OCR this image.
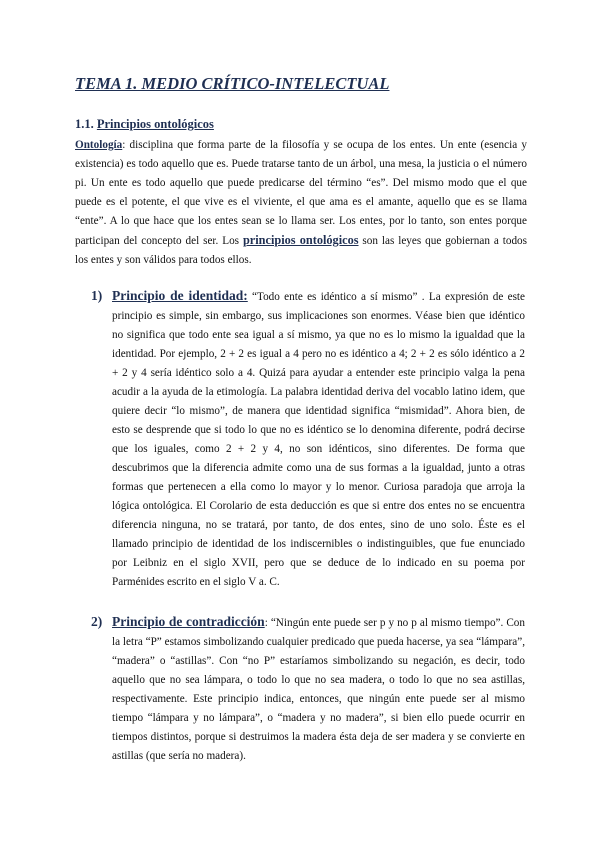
TEMA 1. MEDIO CRÍTICO-INTELECTUAL

1.1. Principios ontológicos

Ontología: disciplina que forma parte de la filosofía y se ocupa de los entes. Un ente (esencia y existencia) es todo aquello que es. Puede tratarse tanto de un árbol, una mesa, la justicia o el número pi. Un ente es todo aquello que puede predicarse del término “es”. Del mismo modo que el que puede es el potente, el que vive es el viviente, el que ama es el amante, aquello que es se llama “ente”. A lo que hace que los entes sean se lo llama ser. Los entes, por lo tanto, son entes porque participan del concepto del ser. Los principios ontológicos son las leyes que gobiernan a todos los entes y son válidos para todos ellos.

1) Principio de identidad: “Todo ente es idéntico a sí mismo” . La expresión de este principio es simple, sin embargo, sus implicaciones son enormes. Véase bien que idéntico no significa que todo ente sea igual a sí mismo, ya que no es lo mismo la igualdad que la identidad. Por ejemplo, 2 + 2 es igual a 4 pero no es idéntico a 4; 2 + 2 es sólo idéntico a 2 + 2 y 4 sería idéntico solo a 4. Quizá para ayudar a entender este principio valga la pena acudir a la ayuda de la etimología. La palabra identidad deriva del vocablo latino idem, que quiere decir “lo mismo”, de manera que identidad significa “mismidad”. Ahora bien, de esto se desprende que si todo lo que no es idéntico se lo denomina diferente, podrá decirse que los iguales, como 2 + 2 y 4, no son idénticos, sino diferentes. De forma que descubrimos que la diferencia admite como una de sus formas a la igualdad, junto a otras formas que pertenecen a ella como lo mayor y lo menor. Curiosa paradoja que arroja la lógica ontológica. El Corolario de esta deducción es que si entre dos entes no se encuentra diferencia ninguna, no se tratará, por tanto, de dos entes, sino de uno solo. Éste es el llamado principio de identidad de los indiscernibles o indistinguibles, que fue enunciado por Leibniz en el siglo XVII, pero que se deduce de lo indicado en su poema por Parménides escrito en el siglo V a. C.
2) Principio de contradicción: “Ningún ente puede ser p y no p al mismo tiempo”. Con la letra “P” estamos simbolizando cualquier predicado que pueda hacerse, ya sea “lámpara”, “madera” o “astillas”. Con “no P” estaríamos simbolizando su negación, es decir, todo aquello que no sea lámpara, o todo lo que no sea madera, o todo lo que no sea astillas, respectivamente. Este principio indica, entonces, que ningún ente puede ser al mismo tiempo “lámpara y no lámpara”, o “madera y no madera”, si bien ello puede ocurrir en tiempos distintos, porque si destruimos la madera ésta deja de ser madera y se convierte en astillas (que sería no madera).
